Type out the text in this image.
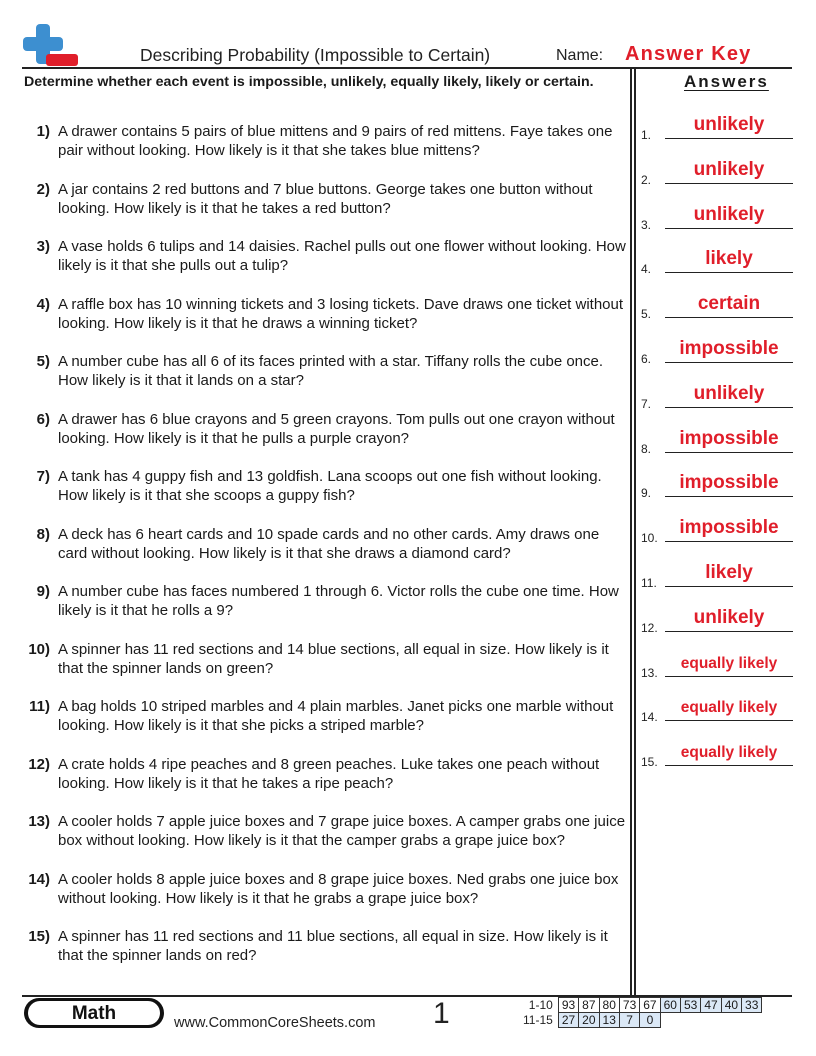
Describing Probability (Impossible to Certain)	Name: Answer Key
Determine whether each event is impossible, unlikely, equally likely, likely or certain.	Answers
1) A drawer contains 5 pairs of blue mittens and 9 pairs of red mittens. Faye takes one pair without looking. How likely is it that she takes blue mittens?
2) A jar contains 2 red buttons and 7 blue buttons. George takes one button without looking. How likely is it that he takes a red button?
3) A vase holds 6 tulips and 14 daisies. Rachel pulls out one flower without looking. How likely is it that she pulls out a tulip?
4) A raffle box has 10 winning tickets and 3 losing tickets. Dave draws one ticket without looking. How likely is it that he draws a winning ticket?
5) A number cube has all 6 of its faces printed with a star. Tiffany rolls the cube once. How likely is it that it lands on a star?
6) A drawer has 6 blue crayons and 5 green crayons. Tom pulls out one crayon without looking. How likely is it that he pulls a purple crayon?
7) A tank has 4 guppy fish and 13 goldfish. Lana scoops out one fish without looking. How likely is it that she scoops a guppy fish?
8) A deck has 6 heart cards and 10 spade cards and no other cards. Amy draws one card without looking. How likely is it that she draws a diamond card?
9) A number cube has faces numbered 1 through 6. Victor rolls the cube one time. How likely is it that he rolls a 9?
10) A spinner has 11 red sections and 14 blue sections, all equal in size. How likely is it that the spinner lands on green?
11) A bag holds 10 striped marbles and 4 plain marbles. Janet picks one marble without looking. How likely is it that she picks a striped marble?
12) A crate holds 4 ripe peaches and 8 green peaches. Luke takes one peach without looking. How likely is it that he takes a ripe peach?
13) A cooler holds 7 apple juice boxes and 7 grape juice boxes. A camper grabs one juice box without looking. How likely is it that the camper grabs a grape juice box?
14) A cooler holds 8 apple juice boxes and 8 grape juice boxes. Ned grabs one juice box without looking. How likely is it that he grabs a grape juice box?
15) A spinner has 11 red sections and 11 blue sections, all equal in size. How likely is it that the spinner lands on red?
1.	unlikely
2.	unlikely
3.	unlikely
4.	likely
5.	certain
6.	impossible
7.	unlikely
8.	impossible
9.	impossible
10.	impossible
11.	likely
12.	unlikely
13.
equally likely
14.
equally likely
15.
equally likely
Math	www.CommonCoreSheets.com 1	1-10	93	87	80	73	67	60	53	47	40	33
11-15	27	20	13	7	0					
